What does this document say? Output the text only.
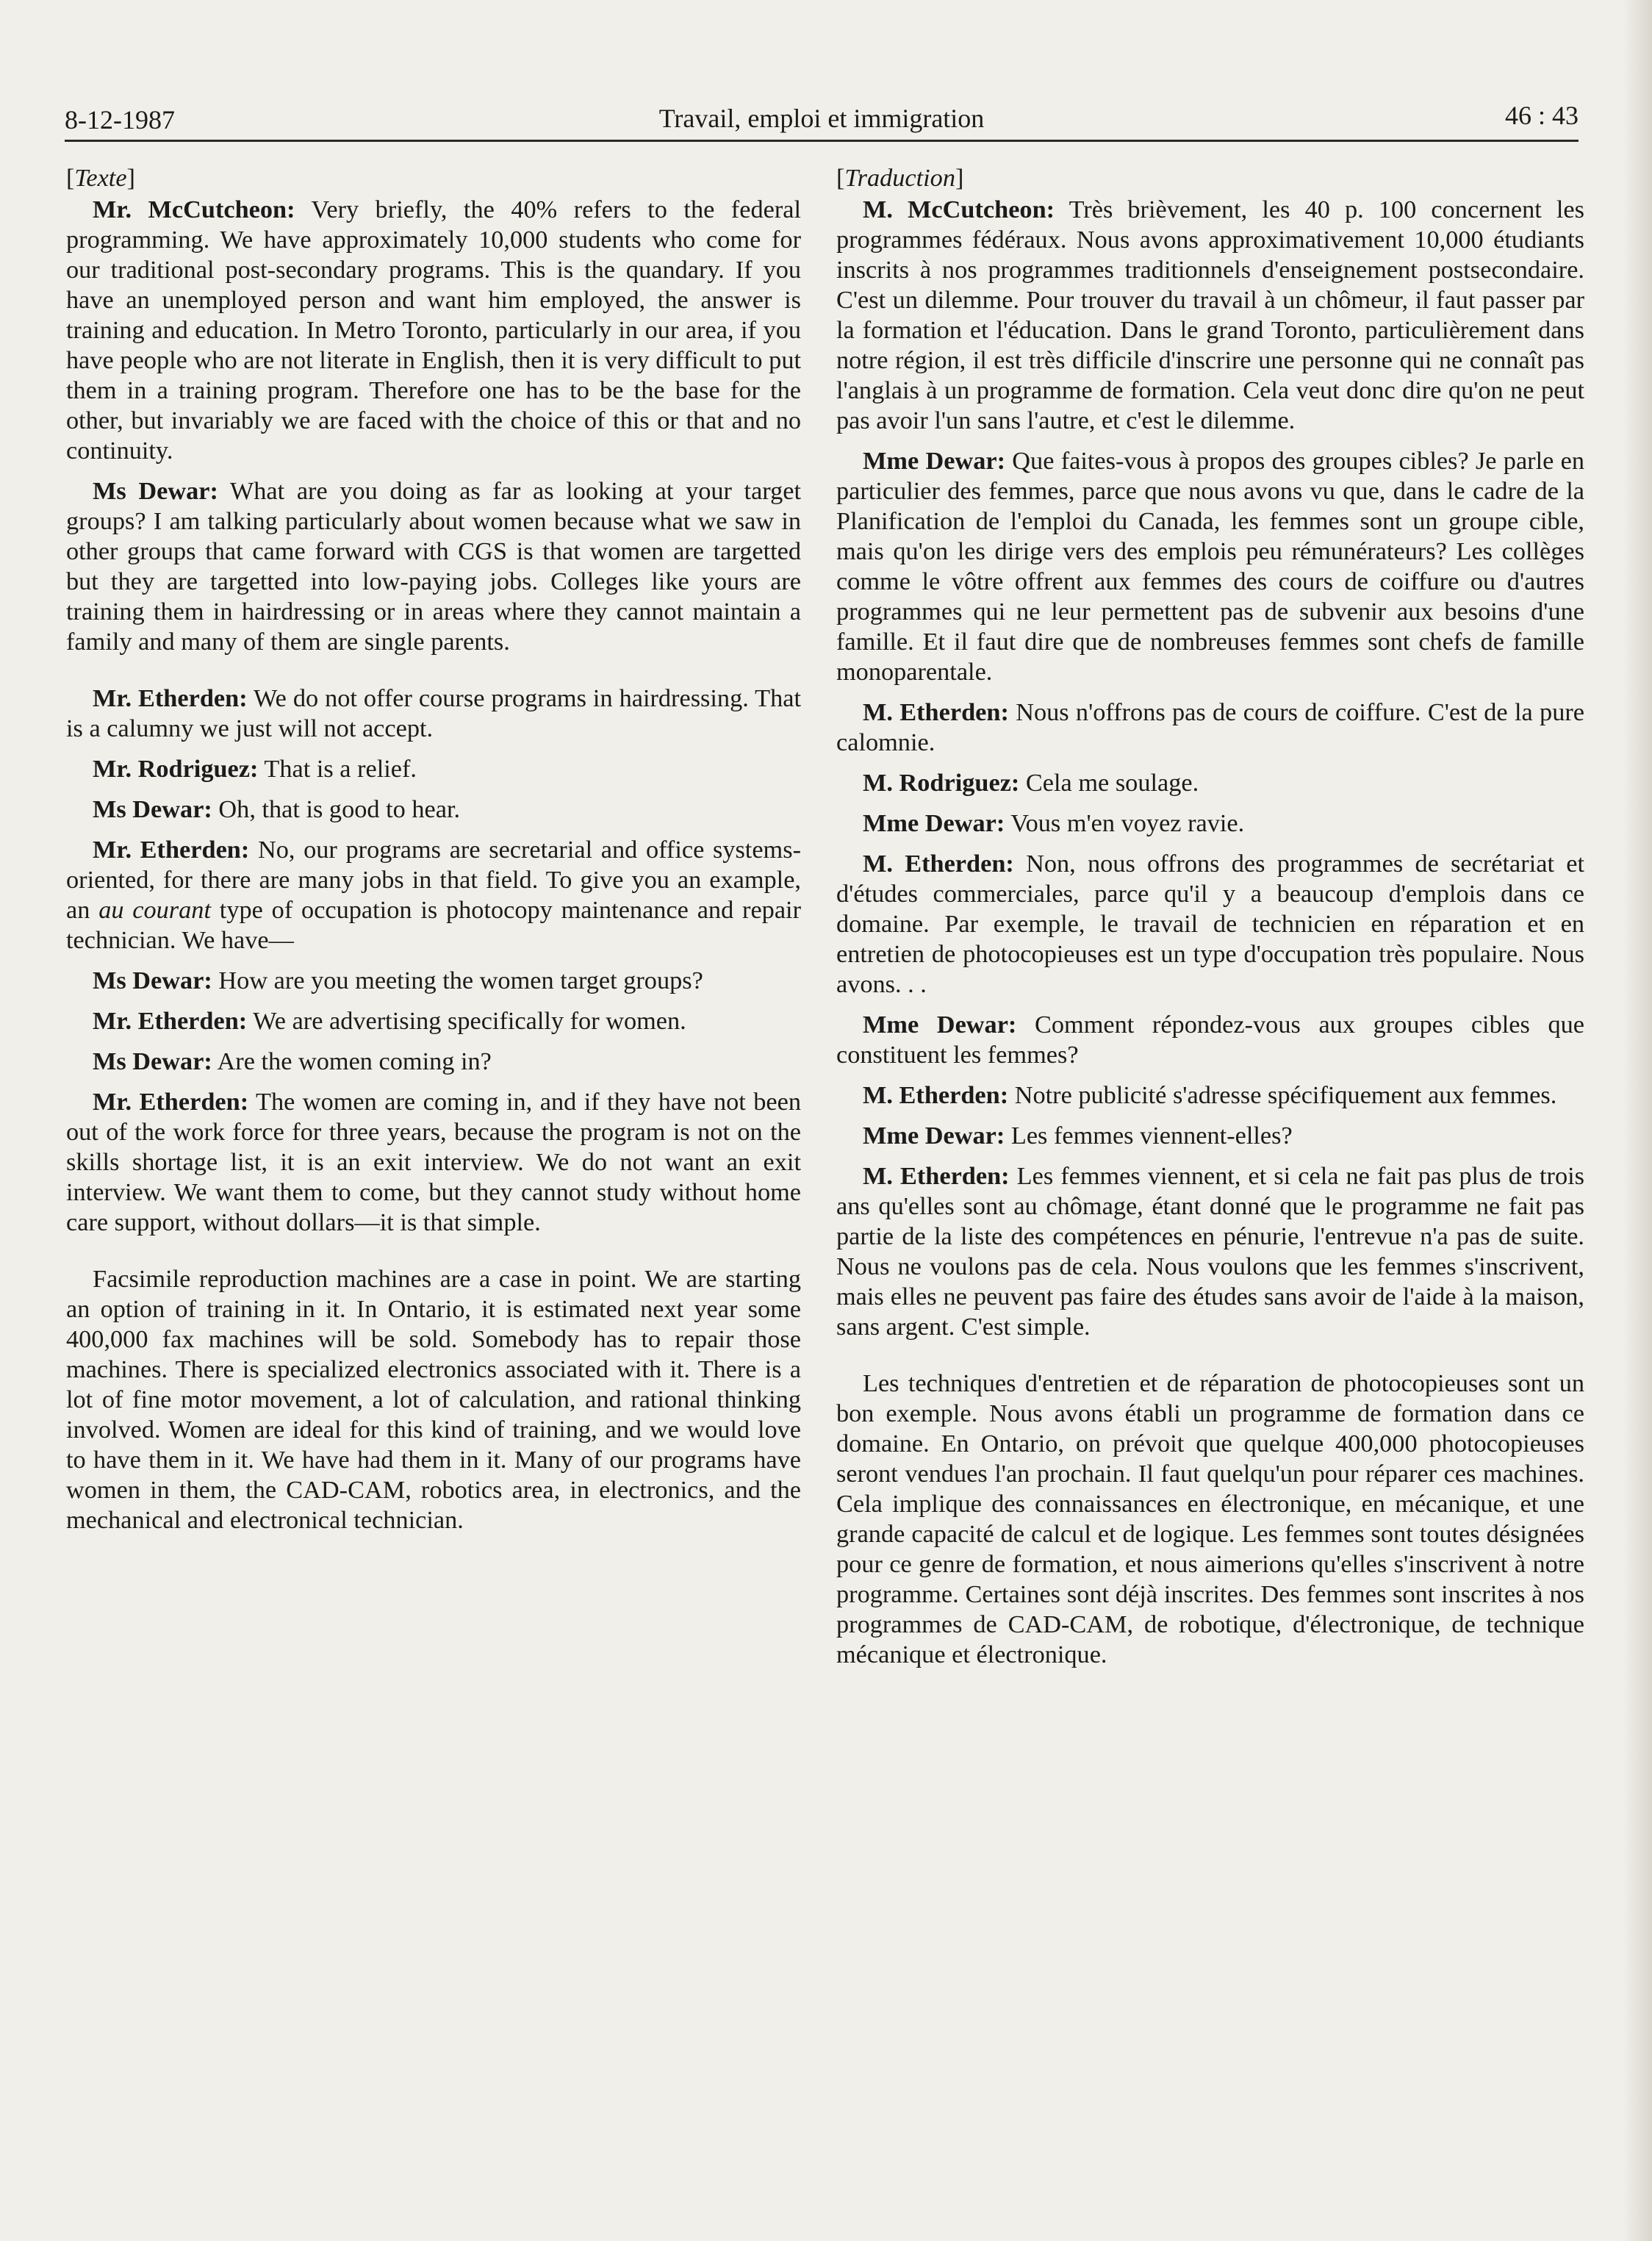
8-12-1987	Travail, emploi et immigration	46 : 43

[Texte]

Mr. McCutcheon: Very briefly, the 40% refers to the federal programming. We have approximately 10,000 students who come for our traditional post-secondary programs. This is the quandary. If you have an unemployed person and want him employed, the answer is training and education. In Metro Toronto, particularly in our area, if you have people who are not literate in English, then it is very difficult to put them in a training program. Therefore one has to be the base for the other, but invariably we are faced with the choice of this or that and no continuity.

Ms Dewar: What are you doing as far as looking at your target groups? I am talking particularly about women because what we saw in other groups that came forward with CGS is that women are targetted but they are targetted into low-paying jobs. Colleges like yours are training them in hairdressing or in areas where they cannot maintain a family and many of them are single parents.

Mr. Etherden: We do not offer course programs in hairdressing. That is a calumny we just will not accept.

Mr. Rodriguez: That is a relief.

Ms Dewar: Oh, that is good to hear.

Mr. Etherden: No, our programs are secretarial and office systems-oriented, for there are many jobs in that field. To give you an example, an au courant type of occupation is photocopy maintenance and repair technician. We have—

Ms Dewar: How are you meeting the women target groups?

Mr. Etherden: We are advertising specifically for women.

Ms Dewar: Are the women coming in?

Mr. Etherden: The women are coming in, and if they have not been out of the work force for three years, because the program is not on the skills shortage list, it is an exit interview. We do not want an exit interview. We want them to come, but they cannot study without home care support, without dollars—it is that simple.

Facsimile reproduction machines are a case in point. We are starting an option of training in it. In Ontario, it is estimated next year some 400,000 fax machines will be sold. Somebody has to repair those machines. There is specialized electronics associated with it. There is a lot of fine motor movement, a lot of calculation, and rational thinking involved. Women are ideal for this kind of training, and we would love to have them in it. We have had them in it. Many of our programs have women in them, the CAD-CAM, robotics area, in electronics, and the mechanical and electronical technician.

[Traduction]

M. McCutcheon: Très brièvement, les 40 p. 100 concernent les programmes fédéraux. Nous avons approximativement 10,000 étudiants inscrits à nos programmes traditionnels d'enseignement postsecondaire. C'est un dilemme. Pour trouver du travail à un chômeur, il faut passer par la formation et l'éducation. Dans le grand Toronto, particulièrement dans notre région, il est très difficile d'inscrire une personne qui ne connaît pas l'anglais à un programme de formation. Cela veut donc dire qu'on ne peut pas avoir l'un sans l'autre, et c'est le dilemme.

Mme Dewar: Que faites-vous à propos des groupes cibles? Je parle en particulier des femmes, parce que nous avons vu que, dans le cadre de la Planification de l'emploi du Canada, les femmes sont un groupe cible, mais qu'on les dirige vers des emplois peu rémunérateurs? Les collèges comme le vôtre offrent aux femmes des cours de coiffure ou d'autres programmes qui ne leur permettent pas de subvenir aux besoins d'une famille. Et il faut dire que de nombreuses femmes sont chefs de famille monoparentale.

M. Etherden: Nous n'offrons pas de cours de coiffure. C'est de la pure calomnie.

M. Rodriguez: Cela me soulage.

Mme Dewar: Vous m'en voyez ravie.

M. Etherden: Non, nous offrons des programmes de secrétariat et d'études commerciales, parce qu'il y a beaucoup d'emplois dans ce domaine. Par exemple, le travail de technicien en réparation et en entretien de photocopieuses est un type d'occupation très populaire. Nous avons. . .

Mme Dewar: Comment répondez-vous aux groupes cibles que constituent les femmes?

M. Etherden: Notre publicité s'adresse spécifiquement aux femmes.

Mme Dewar: Les femmes viennent-elles?

M. Etherden: Les femmes viennent, et si cela ne fait pas plus de trois ans qu'elles sont au chômage, étant donné que le programme ne fait pas partie de la liste des compétences en pénurie, l'entrevue n'a pas de suite. Nous ne voulons pas de cela. Nous voulons que les femmes s'inscrivent, mais elles ne peuvent pas faire des études sans avoir de l'aide à la maison, sans argent. C'est simple.

Les techniques d'entretien et de réparation de photocopieuses sont un bon exemple. Nous avons établi un programme de formation dans ce domaine. En Ontario, on prévoit que quelque 400,000 photocopieuses seront vendues l'an prochain. Il faut quelqu'un pour réparer ces machines. Cela implique des connaissances en électronique, en mécanique, et une grande capacité de calcul et de logique. Les femmes sont toutes désignées pour ce genre de formation, et nous aimerions qu'elles s'inscrivent à notre programme. Certaines sont déjà inscrites. Des femmes sont inscrites à nos programmes de CAD-CAM, de robotique, d'électronique, de technique mécanique et électronique.
